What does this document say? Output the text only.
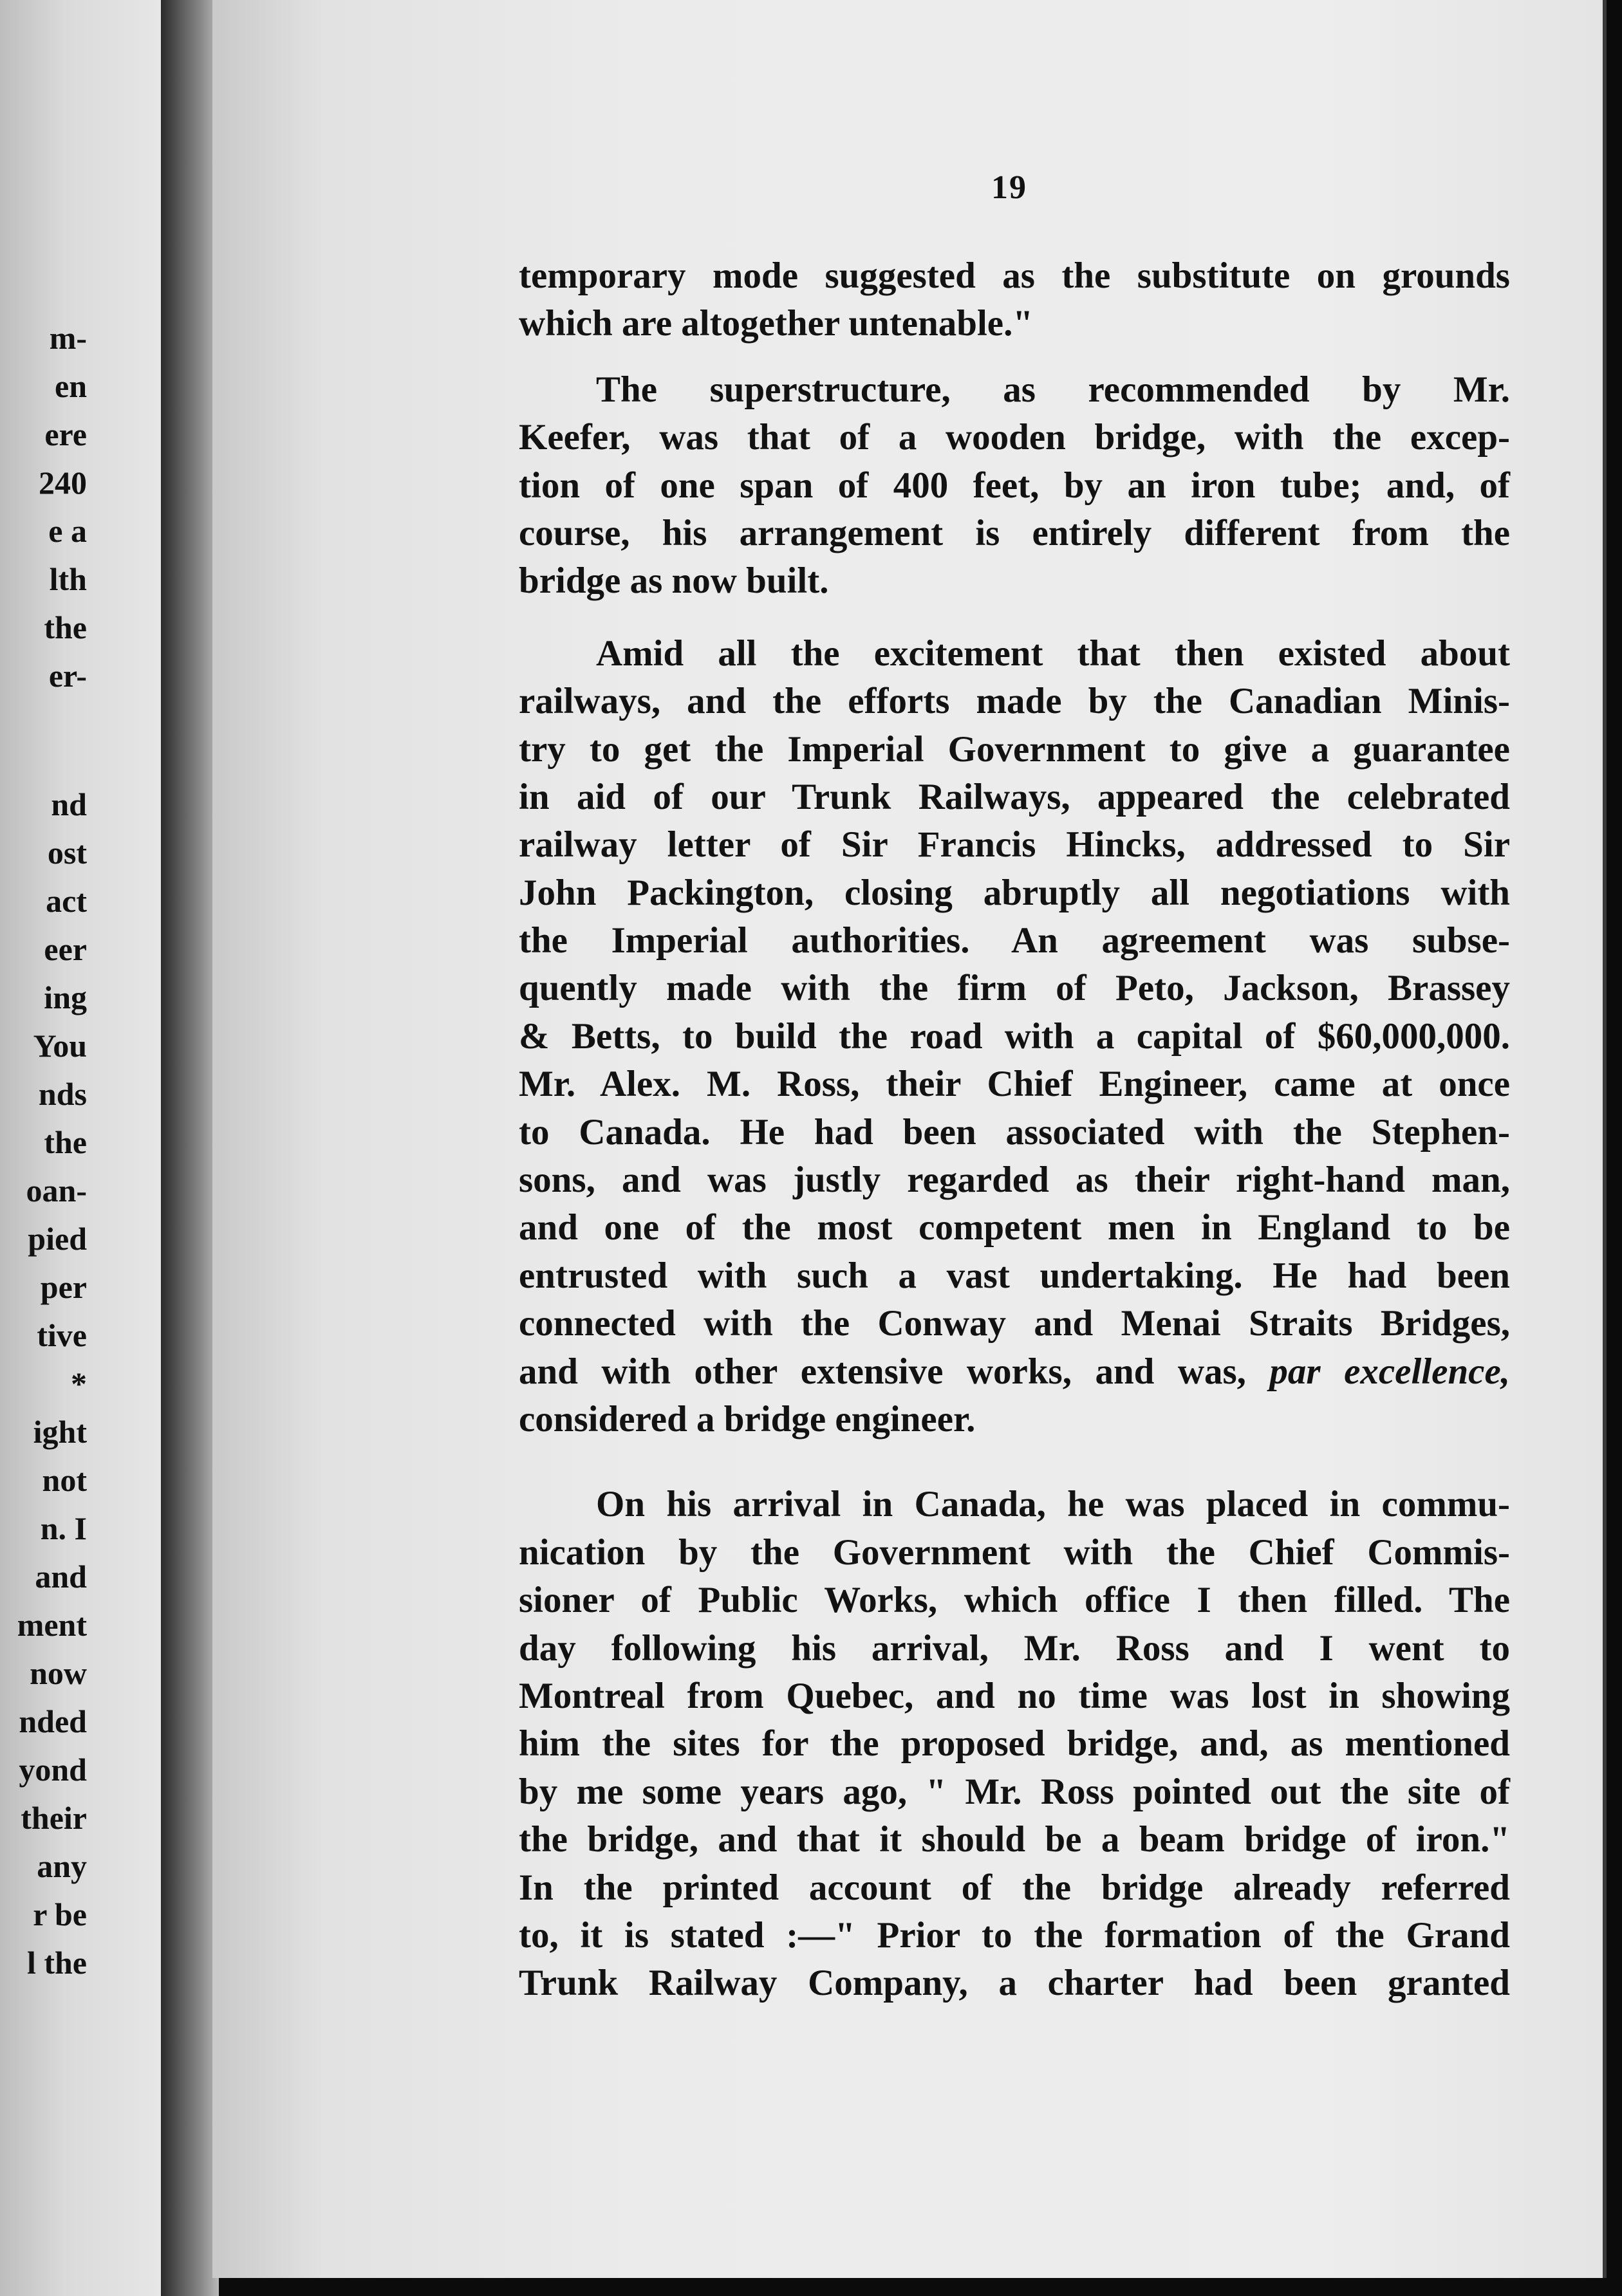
m-
en
ere
240
e a
lth
the
er-
nd
ost
act
eer
ing
You
nds
the
oan-
pied
per
tive
*
ight
not
n. I
and
ment
now
nded
yond
their
any
r be
l the
19
temporary mode suggested as the substitute on grounds
which are altogether untenable."
The superstructure, as recommended by Mr.
Keefer, was that of a wooden bridge, with the excep-
tion of one span of 400 feet, by an iron tube; and, of
course, his arrangement is entirely different from the
bridge as now built.
Amid all the excitement that then existed about
railways, and the efforts made by the Canadian Minis-
try to get the Imperial Government to give a guarantee
in aid of our Trunk Railways, appeared the celebrated
railway letter of Sir Francis Hincks, addressed to Sir
John Packington, closing abruptly all negotiations with
the Imperial authorities. An agreement was subse-
quently made with the firm of Peto, Jackson, Brassey
& Betts, to build the road with a capital of $60,000,000.
Mr. Alex. M. Ross, their Chief Engineer, came at once
to Canada. He had been associated with the Stephen-
sons, and was justly regarded as their right-hand man,
and one of the most competent men in England to be
entrusted with such a vast undertaking. He had been
connected with the Conway and Menai Straits Bridges,
and with other extensive works, and was, par excellence,
considered a bridge engineer.
On his arrival in Canada, he was placed in commu-
nication by the Government with the Chief Commis-
sioner of Public Works, which office I then filled. The
day following his arrival, Mr. Ross and I went to
Montreal from Quebec, and no time was lost in showing
him the sites for the proposed bridge, and, as mentioned
by me some years ago, " Mr. Ross pointed out the site of
the bridge, and that it should be a beam bridge of iron."
In the printed account of the bridge already referred
to, it is stated :—" Prior to the formation of the Grand
Trunk Railway Company, a charter had been granted
